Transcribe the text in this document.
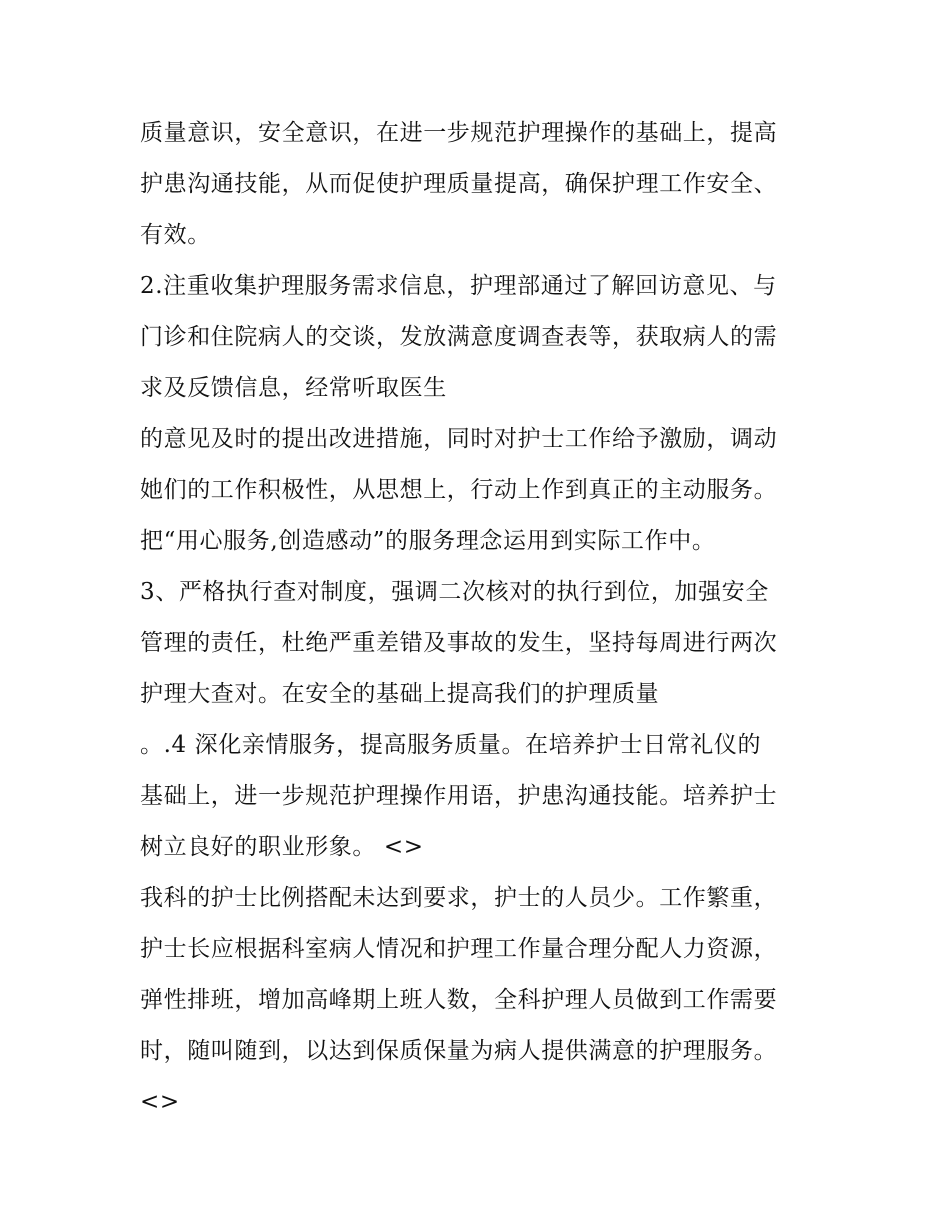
质量意识，安全意识，在进一步规范护理操作的基础上，提高
护患沟通技能，从而促使护理质量提高，确保护理工作安全、
有效。
2.注重收集护理服务需求信息，护理部通过了解回访意见、与
门诊和住院病人的交谈，发放满意度调查表等，获取病人的需
求及反馈信息，经常听取医生
的意见及时的提出改进措施，同时对护士工作给予激励，调动
她们的工作积极性，从思想上，行动上作到真正的主动服务。
把“用心服务,创造感动”的服务理念运用到实际工作中。
3、严格执行查对制度，强调二次核对的执行到位，加强安全
管理的责任，杜绝严重差错及事故的发生，坚持每周进行两次
护理大查对。在安全的基础上提高我们的护理质量
。.4 深化亲情服务，提高服务质量。在培养护士日常礼仪的
基础上，进一步规范护理操作用语，护患沟通技能。培养护士
树立良好的职业形象。 <>
我科的护士比例搭配未达到要求，护士的人员少。工作繁重，
护士长应根据科室病人情况和护理工作量合理分配人力资源，
弹性排班，增加高峰期上班人数，全科护理人员做到工作需要
时，随叫随到，以达到保质保量为病人提供满意的护理服务。
<>
